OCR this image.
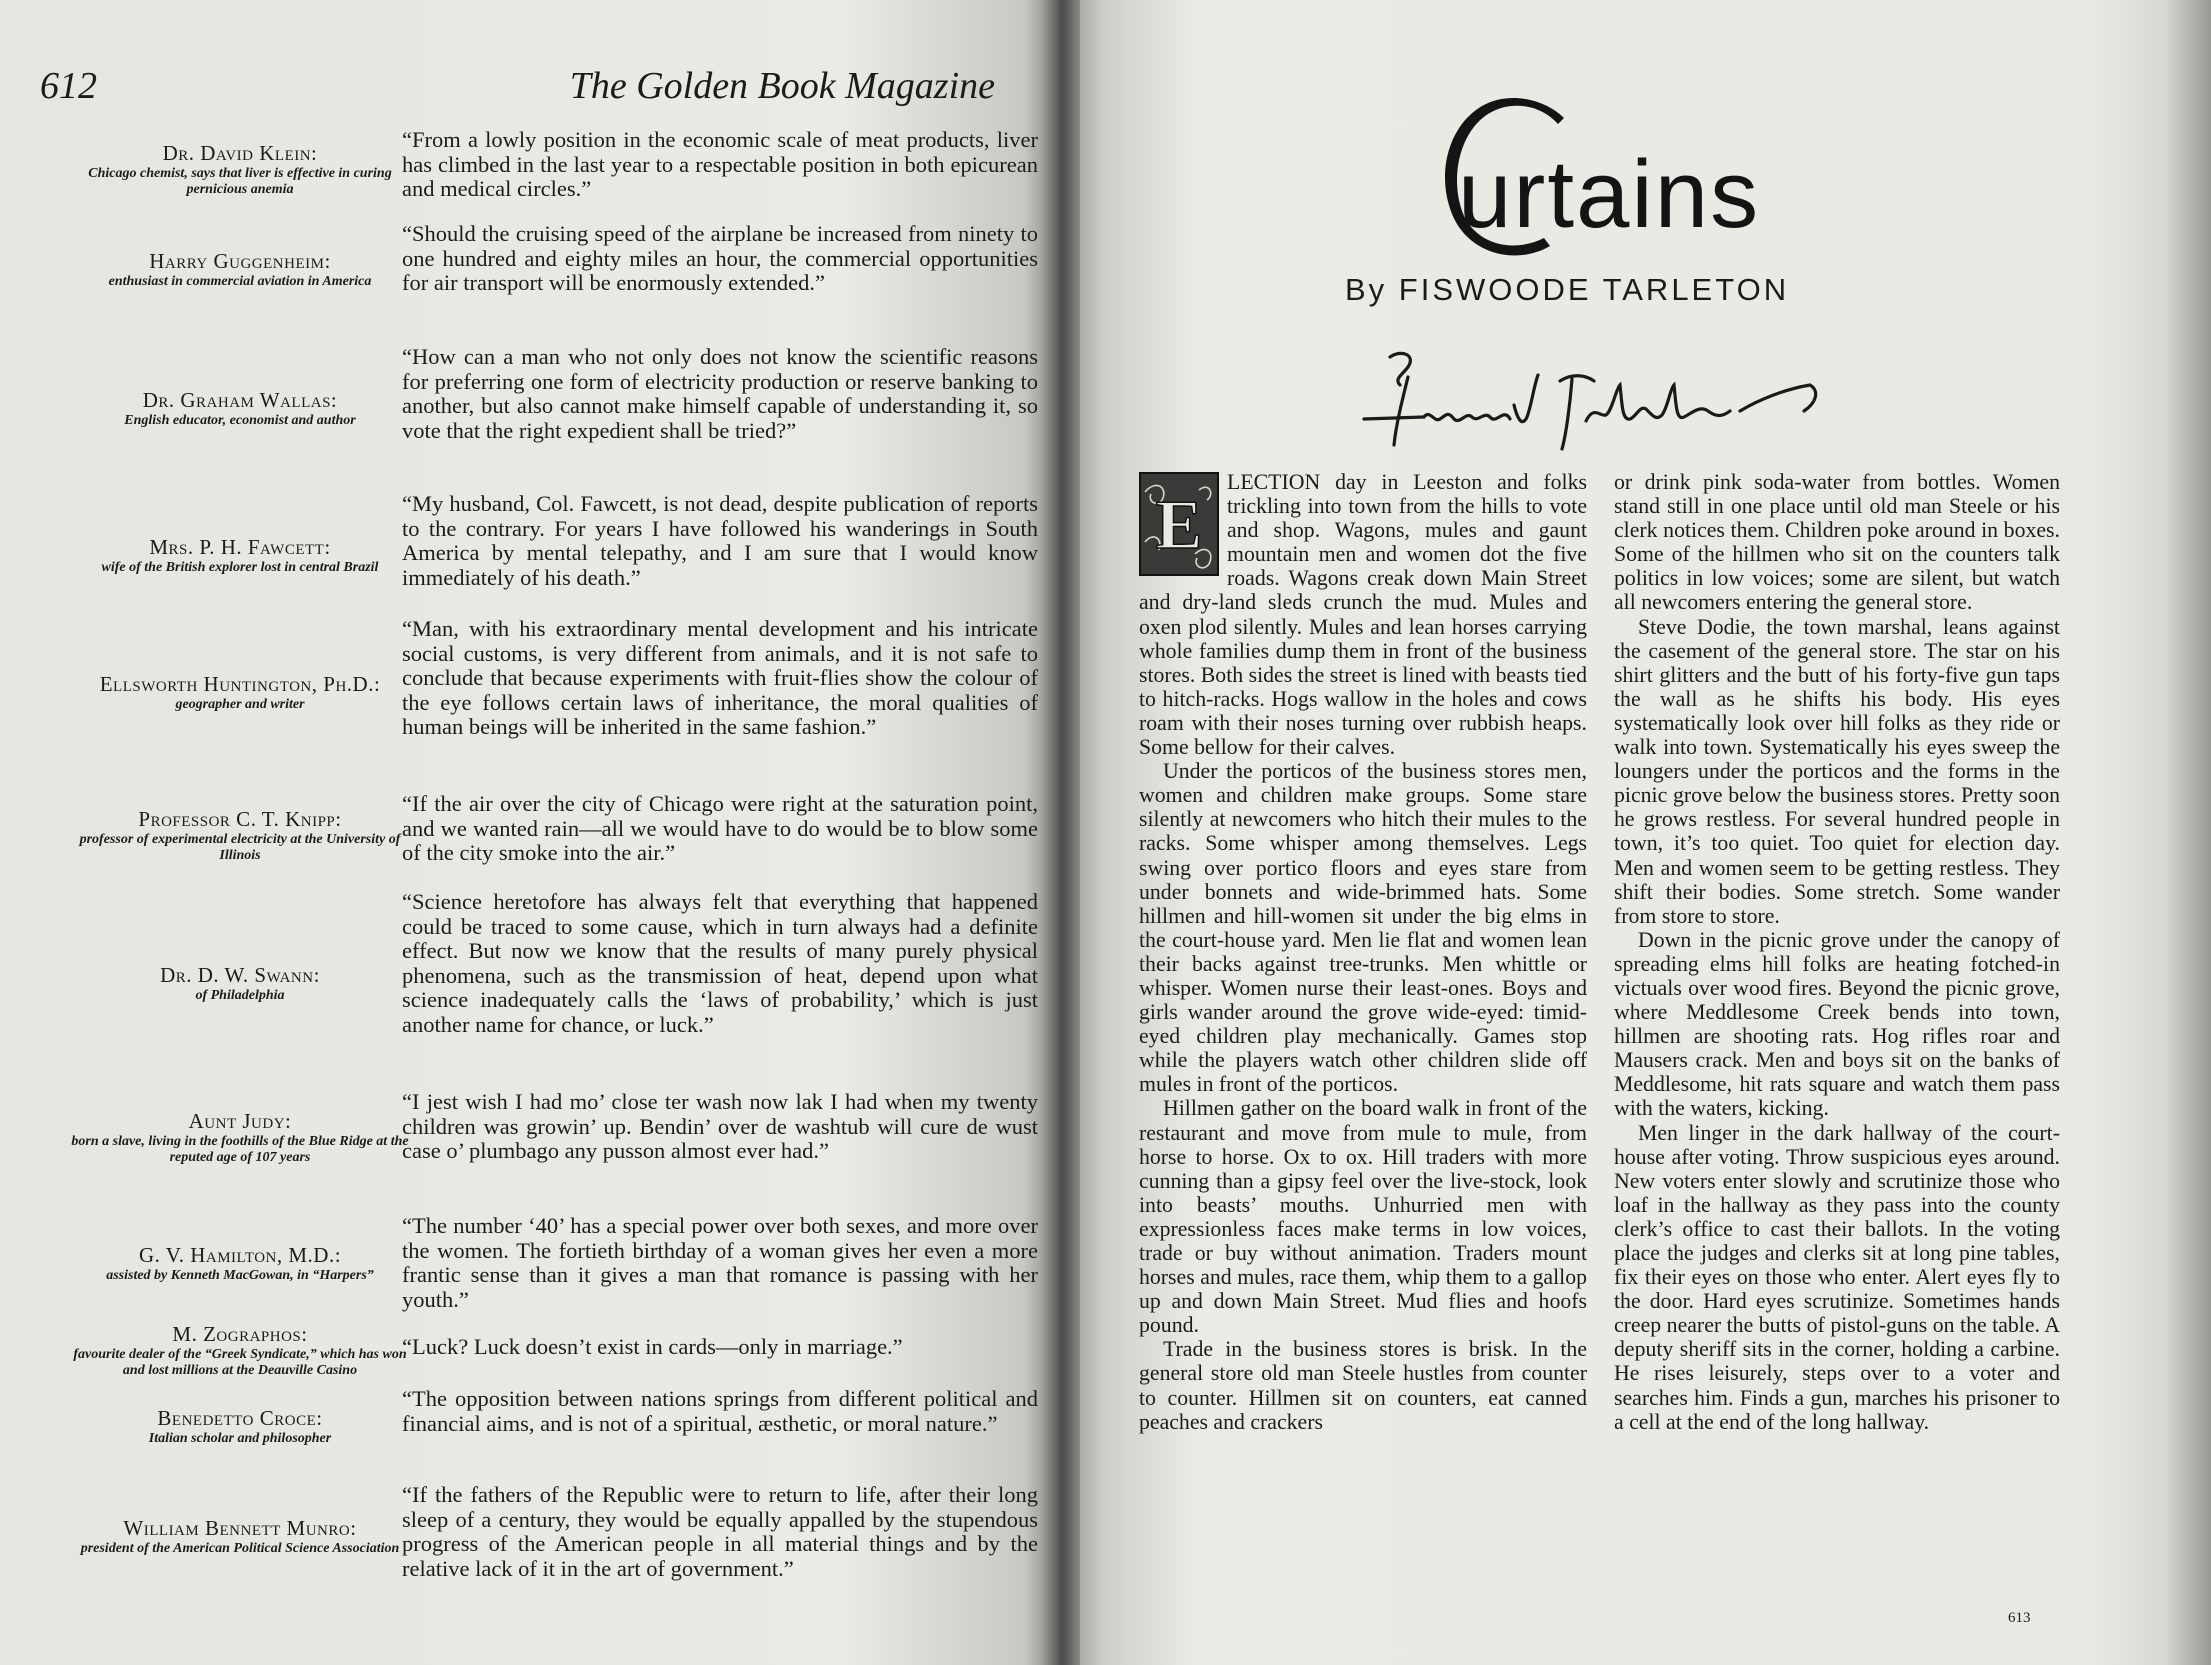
612	The Golden Book Magazine
Dr. David Klein:
Chicago chemist, says that liver is effective in curing pernicious anemia
“From a lowly position in the economic scale of meat products, liver has climbed in the last year to a respectable position in both epicurean and medical circles.”
Harry Guggenheim:
enthusiast in commercial aviation in America
“Should the cruising speed of the airplane be increased from ninety to one hundred and eighty miles an hour, the commercial opportunities for air transport will be enormously extended.”
Dr. Graham Wallas:
English educator, economist and author
“How can a man who not only does not know the scientific reasons for preferring one form of electricity production or reserve banking to another, but also cannot make himself capable of understanding it, so vote that the right expedient shall be tried?”
Mrs. P. H. Fawcett:
wife of the British explorer lost in central Brazil
“My husband, Col. Fawcett, is not dead, despite publication of reports to the contrary. For years I have followed his wanderings in South America by mental telepathy, and I am sure that I would know immediately of his death.”
Ellsworth Huntington, Ph.D.:
geographer and writer
“Man, with his extraordinary mental development and his intricate social customs, is very different from animals, and it is not safe to conclude that because experiments with fruit-flies show the colour of the eye follows certain laws of inheritance, the moral qualities of human beings will be inherited in the same fashion.”
Professor C. T. Knipp:
professor of experimental electricity at the University of Illinois
“If the air over the city of Chicago were right at the saturation point, and we wanted rain—all we would have to do would be to blow some of the city smoke into the air.”
Dr. D. W. Swann:
of Philadelphia
“Science heretofore has always felt that everything that happened could be traced to some cause, which in turn always had a definite effect. But now we know that the results of many purely physical phenomena, such as the transmission of heat, depend upon what science inadequately calls the ‘laws of probability,’ which is just another name for chance, or luck.”
Aunt Judy:
born a slave, living in the foothills of the Blue Ridge at the reputed age of 107 years
“I jest wish I had mo’ close ter wash now lak I had when my twenty children was growin’ up. Bendin’ over de washtub will cure de wust case o’ plumbago any pusson almost ever had.”
G. V. Hamilton, M.D.:
assisted by Kenneth MacGowan, in “Harpers”
“The number ‘40’ has a special power over both sexes, and more over the women. The fortieth birthday of a woman gives her even a more frantic sense than it gives a man that romance is passing with her youth.”
M. Zographos:
favourite dealer of the “Greek Syndicate,” which has won and lost millions at the Deauville Casino
“Luck? Luck doesn’t exist in cards—only in marriage.”
Benedetto Croce:
Italian scholar and philosopher
“The opposition between nations springs from different political and financial aims, and is not of a spiritual, æsthetic, or moral nature.”
William Bennett Munro:
president of the American Political Science Association
“If the fathers of the Republic were to return to life, after their long sleep of a century, they would be equally appalled by the stupendous progress of the American people in all material things and by the relative lack of it in the art of government.”

urtains
By FISWOODE TARLETON

E
LECTION day in Leeston and folks trickling into town from the hills to vote and shop. Wagons, mules and gaunt mountain men and women dot the five roads. Wagons creak down Main Street and dry-land sleds crunch the mud. Mules and oxen plod silently. Mules and lean horses carrying whole families dump them in front of the business stores. Both sides the street is lined with beasts tied to hitch-racks. Hogs wallow in the holes and cows roam with their noses turning over rubbish heaps. Some bellow for their calves.

Under the porticos of the business stores men, women and children make groups. Some stare silently at newcomers who hitch their mules to the racks. Some whisper among themselves. Legs swing over portico floors and eyes stare from under bonnets and wide-brimmed hats. Some hillmen and hill-women sit under the big elms in the court-house yard. Men lie flat and women lean their backs against tree-trunks. Men whittle or whisper. Women nurse their least-ones. Boys and girls wander around the grove wide-eyed: timid-eyed children play mechanically. Games stop while the players watch other children slide off mules in front of the porticos.

Hillmen gather on the board walk in front of the restaurant and move from mule to mule, from horse to horse. Ox to ox. Hill traders with more cunning than a gipsy feel over the live-stock, look into beasts’ mouths. Unhurried men with expressionless faces make terms in low voices, trade or buy without animation. Traders mount horses and mules, race them, whip them to a gallop up and down Main Street. Mud flies and hoofs pound.

Trade in the business stores is brisk. In the general store old man Steele hustles from counter to counter. Hillmen sit on counters, eat canned peaches and crackers

or drink pink soda-water from bottles. Women stand still in one place until old man Steele or his clerk notices them. Children poke around in boxes. Some of the hillmen who sit on the counters talk politics in low voices; some are silent, but watch all newcomers entering the general store.

Steve Dodie, the town marshal, leans against the casement of the general store. The star on his shirt glitters and the butt of his forty-five gun taps the wall as he shifts his body. His eyes systematically look over hill folks as they ride or walk into town. Systematically his eyes sweep the loungers under the porticos and the forms in the picnic grove below the business stores. Pretty soon he grows restless. For several hundred people in town, it’s too quiet. Too quiet for election day. Men and women seem to be getting restless. They shift their bodies. Some stretch. Some wander from store to store.

Down in the picnic grove under the canopy of spreading elms hill folks are heating fotched-in victuals over wood fires. Beyond the picnic grove, where Meddlesome Creek bends into town, hillmen are shooting rats. Hog rifles roar and Mausers crack. Men and boys sit on the banks of Meddlesome, hit rats square and watch them pass with the waters, kicking.

Men linger in the dark hallway of the court-house after voting. Throw suspicious eyes around. New voters enter slowly and scrutinize those who loaf in the hallway as they pass into the county clerk’s office to cast their ballots. In the voting place the judges and clerks sit at long pine tables, fix their eyes on those who enter. Alert eyes fly to the door. Hard eyes scrutinize. Sometimes hands creep nearer the butts of pistol-guns on the table. A deputy sheriff sits in the corner, holding a carbine. He rises leisurely, steps over to a voter and searches him. Finds a gun, marches his prisoner to a cell at the end of the long hallway.

613
